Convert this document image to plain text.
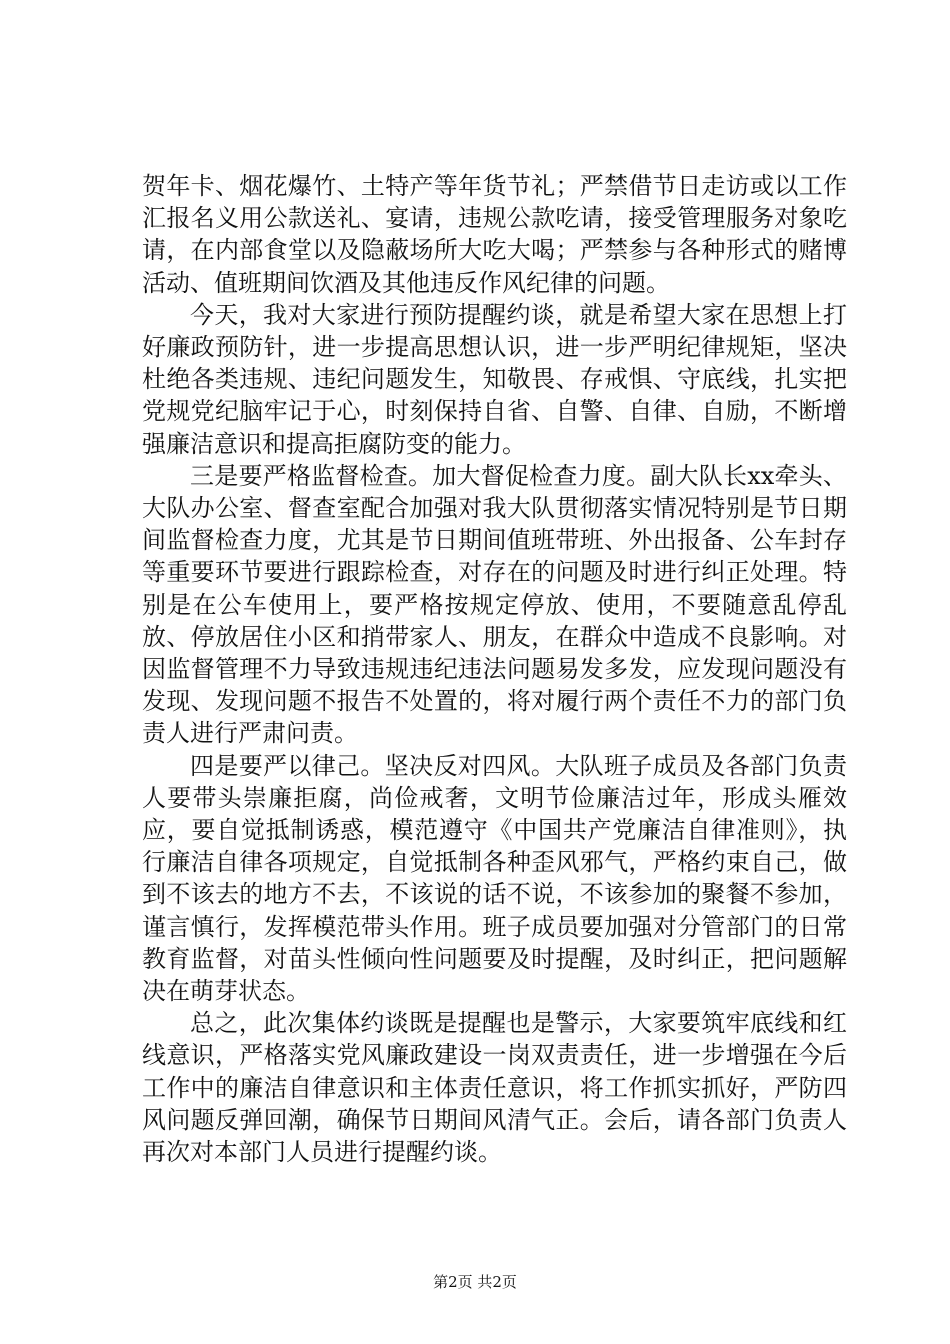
贺年卡、烟花爆竹、土特产等年货节礼；严禁借节日走访或以工作汇报名义用公款送礼、宴请，违规公款吃请，接受管理服务对象吃请，在内部食堂以及隐蔽场所大吃大喝；严禁参与各种形式的赌博活动、值班期间饮酒及其他违反作风纪律的问题。

今天，我对大家进行预防提醒约谈，就是希望大家在思想上打好廉政预防针，进一步提高思想认识，进一步严明纪律规矩，坚决杜绝各类违规、违纪问题发生，知敬畏、存戒惧、守底线，扎实把党规党纪脑牢记于心，时刻保持自省、自警、自律、自励，不断增强廉洁意识和提高拒腐防变的能力。

三是要严格监督检查。加大督促检查力度。副大队长xx牵头、大队办公室、督查室配合加强对我大队贯彻落实情况特别是节日期间监督检查力度，尤其是节日期间值班带班、外出报备、公车封存等重要环节要进行跟踪检查，对存在的问题及时进行纠正处理。特别是在公车使用上，要严格按规定停放、使用，不要随意乱停乱放、停放居住小区和捎带家人、朋友，在群众中造成不良影响。对因监督管理不力导致违规违纪违法问题易发多发，应发现问题没有发现、发现问题不报告不处置的，将对履行两个责任不力的部门负责人进行严肃问责。

四是要严以律己。坚决反对四风。大队班子成员及各部门负责人要带头崇廉拒腐，尚俭戒奢，文明节俭廉洁过年，形成头雁效应，要自觉抵制诱惑，模范遵守《中国共产党廉洁自律准则》，执行廉洁自律各项规定，自觉抵制各种歪风邪气，严格约束自己，做到不该去的地方不去，不该说的话不说，不该参加的聚餐不参加，谨言慎行，发挥模范带头作用。班子成员要加强对分管部门的日常教育监督，对苗头性倾向性问题要及时提醒，及时纠正，把问题解决在萌芽状态。

总之，此次集体约谈既是提醒也是警示，大家要筑牢底线和红线意识，严格落实党风廉政建设一岗双责责任，进一步增强在今后工作中的廉洁自律意识和主体责任意识，将工作抓实抓好，严防四风问题反弹回潮，确保节日期间风清气正。会后，请各部门负责人再次对本部门人员进行提醒约谈。

第2页 共2页
